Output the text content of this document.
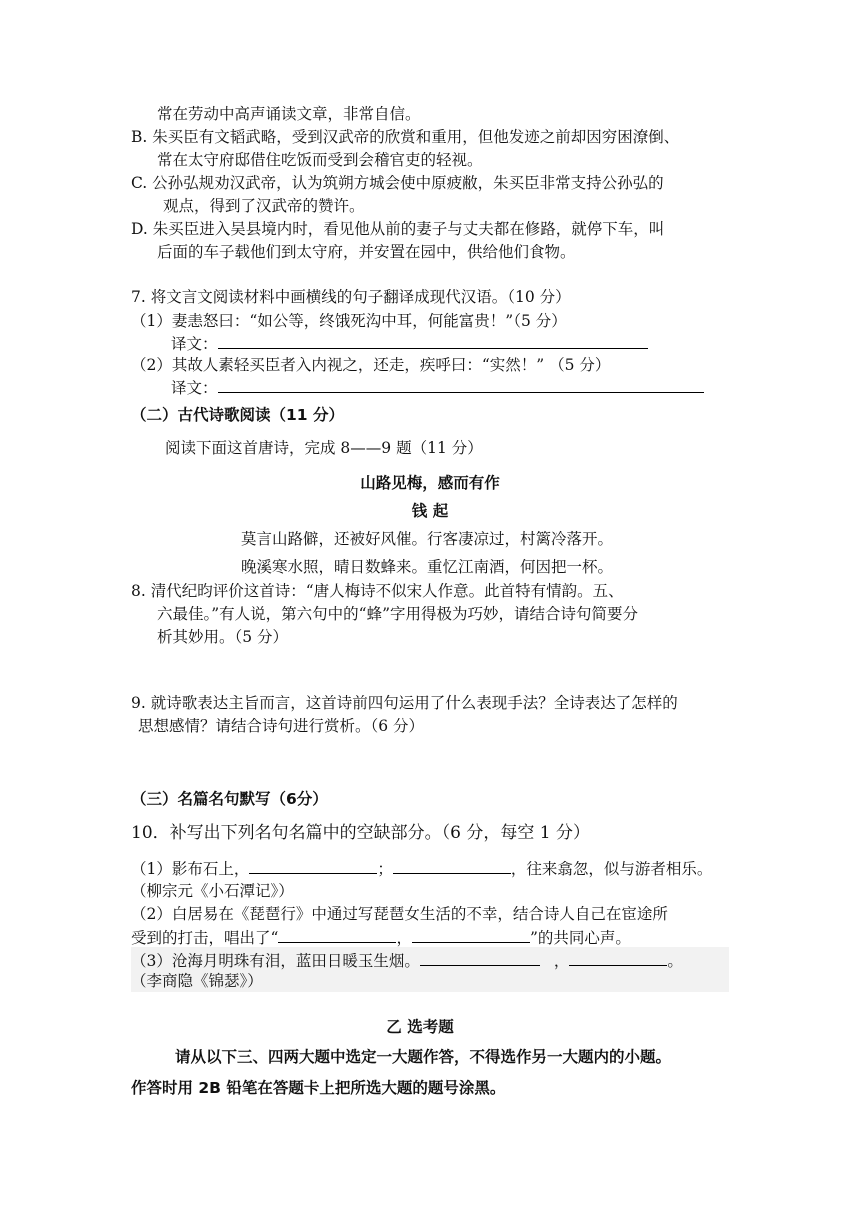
常在劳动中高声诵读文章，非常自信。
B. 朱买臣有文韬武略，受到汉武帝的欣赏和重用，但他发迹之前却因穷困潦倒、
常在太守府邸借住吃饭而受到会稽官吏的轻视。
C. 公孙弘规劝汉武帝，认为筑朔方城会使中原疲敝，朱买臣非常支持公孙弘的
观点，得到了汉武帝的赞许。
D. 朱买臣进入吴县境内时，看见他从前的妻子与丈夫都在修路，就停下车，叫
后面的车子载他们到太守府，并安置在园中，供给他们食物。
7. 将文言文阅读材料中画横线的句子翻译成现代汉语。（10 分）
（1）妻恚怒曰：“如公等，终饿死沟中耳，何能富贵！”（5 分）
译文：
（2）其故人素轻买臣者入内视之，还走，疾呼曰：“实然！” （5 分）
译文：
（二）古代诗歌阅读（11 分）
阅读下面这首唐诗，完成 8——9 题（11 分）
山路见梅，感而有作
钱 起
莫言山路僻，还被好风催。行客凄凉过，村篱冷落开。
晚溪寒水照，晴日数蜂来。重忆江南酒，何因把一杯。
8. 清代纪昀评价这首诗：“唐人梅诗不似宋人作意。此首特有情韵。五、
六最佳。”有人说，第六句中的“蜂”字用得极为巧妙，请结合诗句简要分
析其妙用。（5 分）
9. 就诗歌表达主旨而言，这首诗前四句运用了什么表现手法？全诗表达了怎样的
思想感情？请结合诗句进行赏析。（6 分）
（三）名篇名句默写（6分）
10．补写出下列名句名篇中的空缺部分。（6 分，每空 1 分）
（1）影布石上，	；	，往来翕忽，似与游者相乐。
（柳宗元《小石潭记》）
（2）白居易在《琵琶行》中通过写琵琶女生活的不幸，结合诗人自己在宦途所
受到的打击，唱出了“	，	”的共同心声。
（3）沧海月明珠有泪，蓝田日暖玉生烟。	，	。
（李商隐《锦瑟》）
乙 选考题
请从以下三、四两大题中选定一大题作答，不得选作另一大题内的小题。
作答时用 2B 铅笔在答题卡上把所选大题的题号涂黑。
